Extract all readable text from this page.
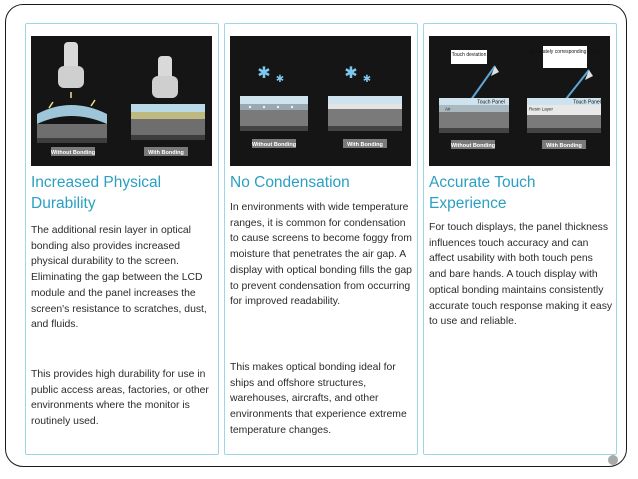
Without Bonding	With Bonding
Increased Physical Durability

The additional resin layer in optical bonding also provides increased physical durability to the screen. Eliminating the gap between the LCD module and the panel increases the screen's resistance to scratches, dust, and fluids.

This provides high durability for use in public access areas, factories, or other environments where the monitor is routinely used.

✱ ✱	✱ ✱
Without Bonding	With Bonding
No Condensation

In environments with wide temperature ranges, it is common for condensation to cause screens to become foggy from moisture that penetrates the air gap. A display with optical bonding fills the gap to prevent condensation from occurring for improved readability.

This makes optical bonding ideal for ships and offshore structures, warehouses, aircrafts, and other environments that experience extreme temperature changes.

Touch deviation	Accurately corresponding touch
Touch Panel
Air
Touch Panel
Resin Layer
Without Bonding	With Bonding
Accurate Touch Experience

For touch displays, the panel thickness influences touch accuracy and can affect usability with both touch pens and bare hands. A touch display with optical bonding maintains consistently accurate touch response making it easy to use and reliable.
